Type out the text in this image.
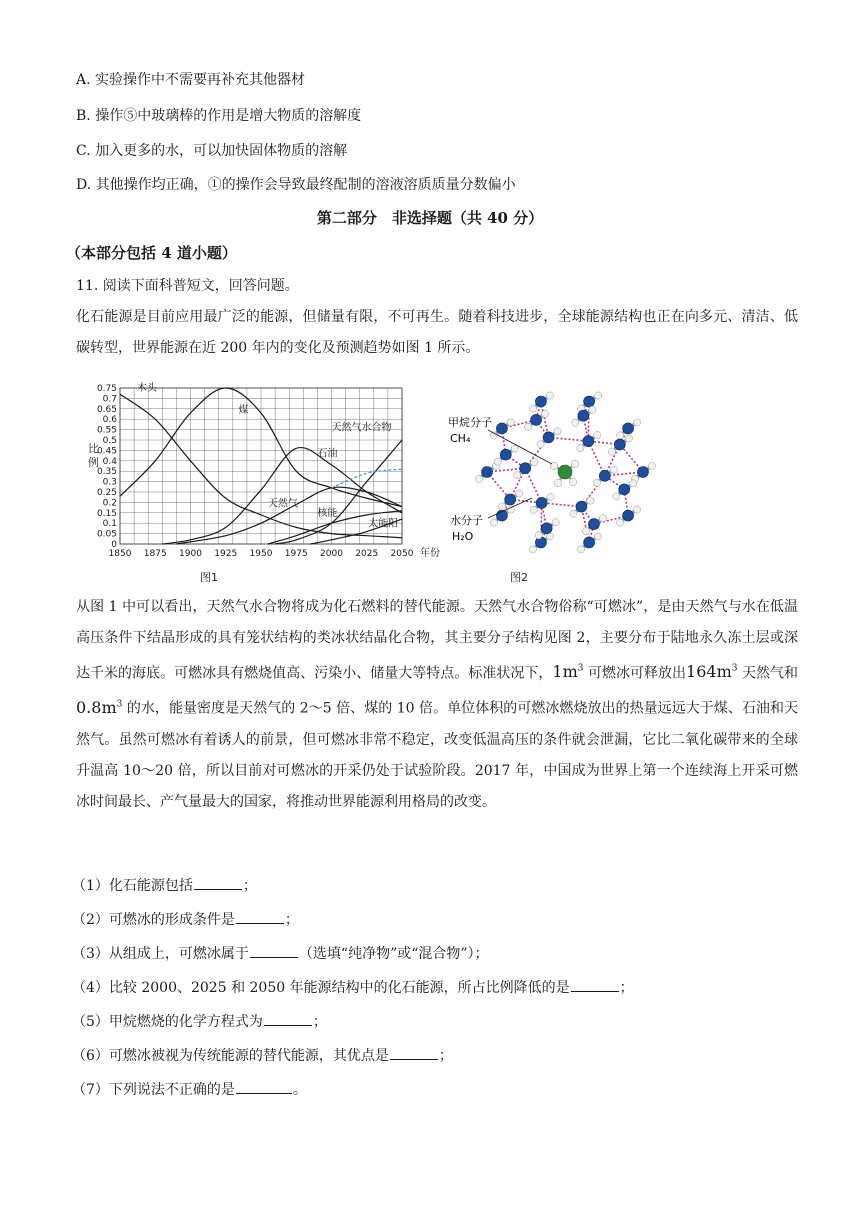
A. 实验操作中不需要再补充其他器材
B. 操作⑤中玻璃棒的作用是增大物质的溶解度
C. 加入更多的水，可以加快固体物质的溶解
D. 其他操作均正确，①的操作会导致最终配制的溶液溶质质量分数偏小
第二部分　非选择题（共 40 分）
（本部分包括 4 道小题）
11. 阅读下面科普短文，回答问题。
化石能源是目前应用最广泛的能源，但储量有限，不可再生。随着科技进步，全球能源结构也正在向多元、清洁、低碳转型，世界能源在近 200 年内的变化及预测趋势如图 1 所示。
0
0.05
0.1
0.15
0.2
0.25
0.3
0.35
0.4
0.45
0.5
0.55
0.6
0.65
0.7
0.75
1850 1875 1900 1925 1950 1975 2000 2025 2050
比
例
年份
木头
煤
天然气水合物
石油
天然气
核能
太能阳
图1
甲烷分子
CH₄
水分子
H₂O
图2
从图 1 中可以看出，天然气水合物将成为化石燃料的替代能源。天然气水合物俗称“可燃冰”，是由天然气与水在低温高压条件下结晶形成的具有笼状结构的类冰状结晶化合物，其主要分子结构见图 2，主要分布于陆地永久冻土层或深达千米的海底。可燃冰具有燃烧值高、污染小、储量大等特点。标准状况下，$1m^3$ 可燃冰可释放出$164m^3$ 天然气和$0.8m^3$ 的水，能量密度是天然气的 2～5 倍、煤的 10 倍。单位体积的可燃冰燃烧放出的热量远远大于煤、石油和天然气。虽然可燃冰有着诱人的前景，但可燃冰非常不稳定，改变低温高压的条件就会泄漏，它比二氧化碳带来的全球升温高 10～20 倍，所以目前对可燃冰的开采仍处于试验阶段。2017 年，中国成为世界上第一个连续海上开采可燃冰时间最长、产气量最大的国家，将推动世界能源利用格局的改变。
（1）化石能源包括	；
（2）可燃冰的形成条件是	；
（3）从组成上，可燃冰属于	（选填“纯净物”或“混合物”）；
（4）比较 2000、2025 和 2050 年能源结构中的化石能源，所占比例降低的是	；
（5）甲烷燃烧的化学方程式为	；
（6）可燃冰被视为传统能源的替代能源，其优点是	；
（7）下列说法不正确的是	。
